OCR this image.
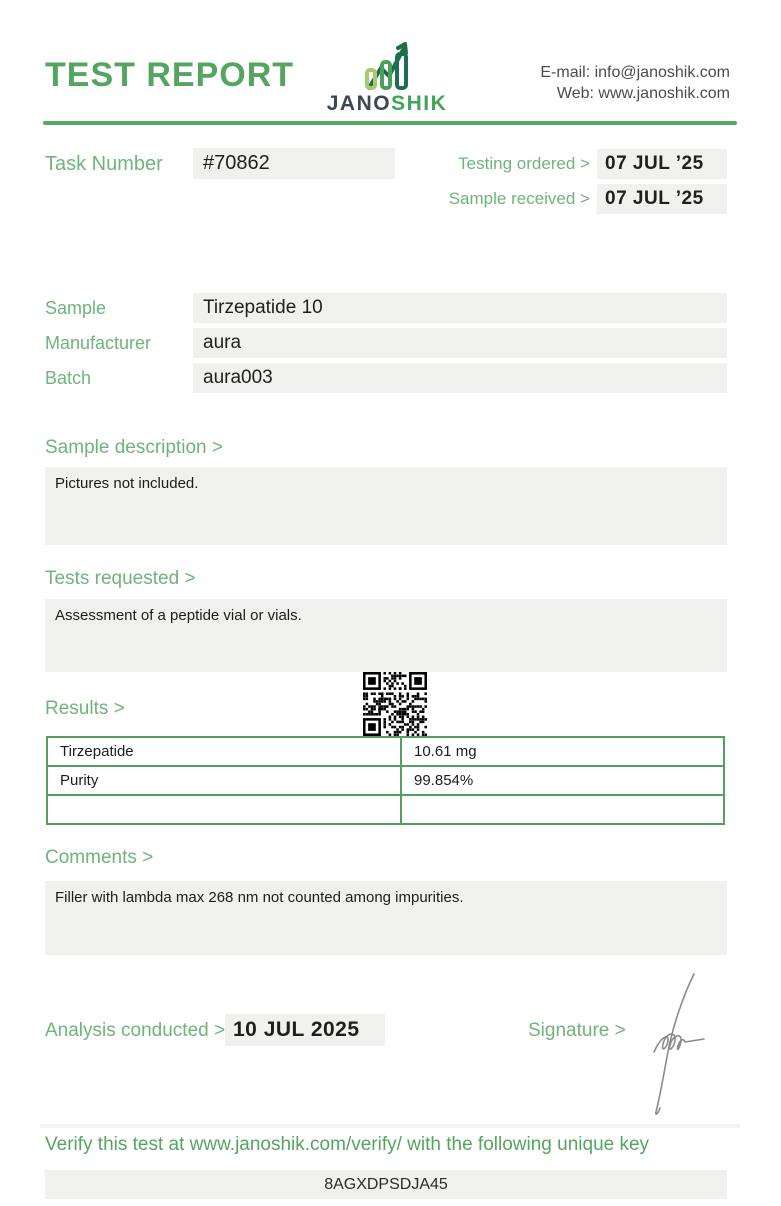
TEST REPORT
JANOSHIK
E-mail: info@janoshik.com
Web: www.janoshik.com
Task Number	#70862	Testing ordered > 07 JUL ’25
Sample received > 07 JUL ’25
Sample	Tirzepatide 10
Manufacturer	aura
Batch	aura003
Sample description >
Pictures not included.
Tests requested >
Assessment of a peptide vial or vials.
Results >
Tirzepatide	10.61 mg
Purity	99.854%

Comments >
Filler with lambda max 268 nm not counted among impurities.
Analysis conducted > 10 JUL 2025	Signature >
Verify this test at www.janoshik.com/verify/ with the following unique key
8AGXDPSDJA45
